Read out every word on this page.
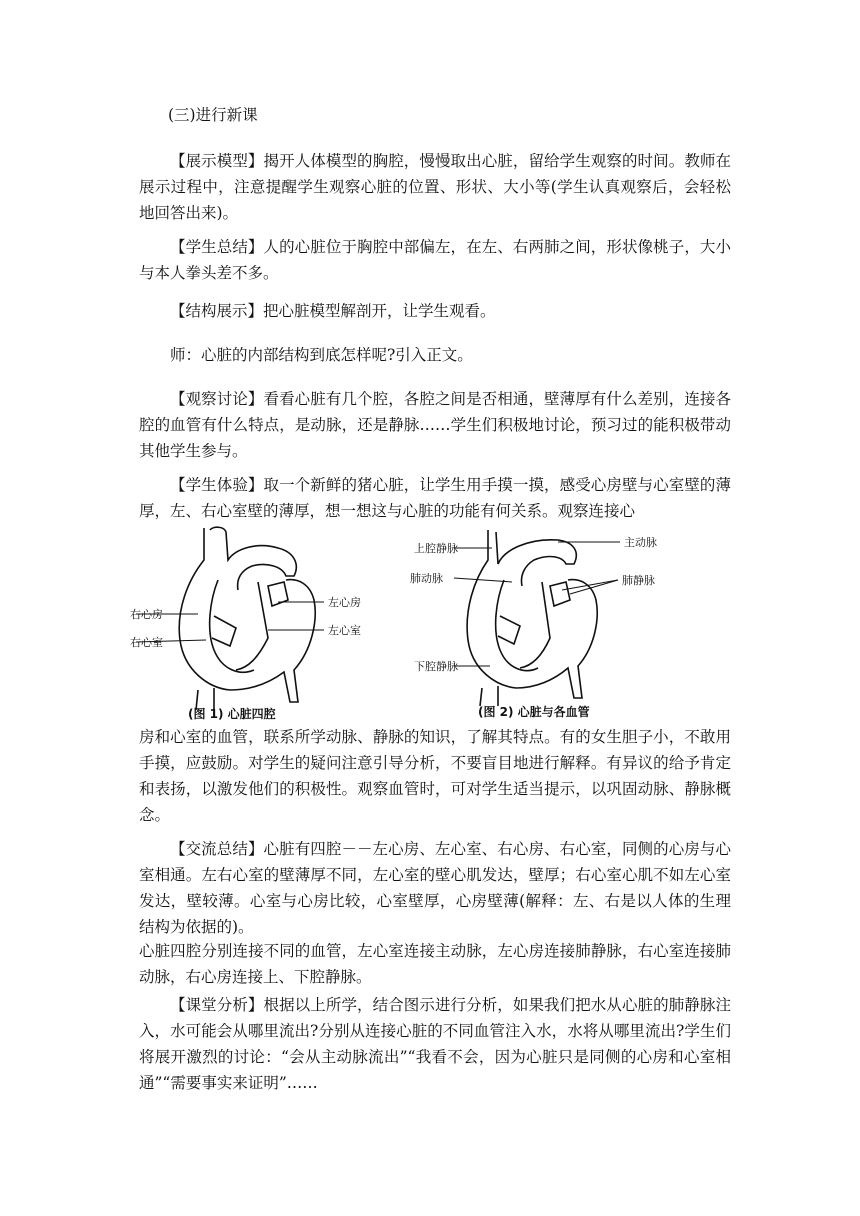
(三)进行新课

【展示模型】揭开人体模型的胸腔，慢慢取出心脏，留给学生观察的时间。教师在展示过程中，注意提醒学生观察心脏的位置、形状、大小等(学生认真观察后，会轻松地回答出来)。

【学生总结】人的心脏位于胸腔中部偏左，在左、右两肺之间，形状像桃子，大小与本人拳头差不多。

【结构展示】把心脏模型解剖开，让学生观看。

师：心脏的内部结构到底怎样呢?引入正文。

【观察讨论】看看心脏有几个腔，各腔之间是否相通，壁薄厚有什么差别，连接各腔的血管有什么特点，是动脉，还是静脉……学生们积极地讨论，预习过的能积极带动其他学生参与。

【学生体验】取一个新鲜的猪心脏，让学生用手摸一摸，感受心房壁与心室壁的薄厚，左、右心室壁的薄厚，想一想这与心脏的功能有何关系。观察连接心

右心房
右心室
左心房
左心室
(图 1) 心脏四腔
上腔静脉
肺动脉
下腔静脉
主动脉
肺静脉
(图 2) 心脏与各血管

房和心室的血管，联系所学动脉、静脉的知识，了解其特点。有的女生胆子小，不敢用手摸，应鼓励。对学生的疑问注意引导分析，不要盲目地进行解释。有异议的给予肯定和表扬，以激发他们的积极性。观察血管时，可对学生适当提示，以巩固动脉、静脉概念。

【交流总结】心脏有四腔－－左心房、左心室、右心房、右心室，同侧的心房与心室相通。左右心室的壁薄厚不同，左心室的壁心肌发达，壁厚；右心室心肌不如左心室发达，壁较薄。心室与心房比较，心室壁厚，心房壁薄(解释：左、右是以人体的生理结构为依据的)。

心脏四腔分别连接不同的血管，左心室连接主动脉，左心房连接肺静脉，右心室连接肺动脉，右心房连接上、下腔静脉。

【课堂分析】根据以上所学，结合图示进行分析，如果我们把水从心脏的肺静脉注入，水可能会从哪里流出?分别从连接心脏的不同血管注入水，水将从哪里流出?学生们将展开激烈的讨论：“会从主动脉流出”“我看不会，因为心脏只是同侧的心房和心室相通”“需要事实来证明”……
